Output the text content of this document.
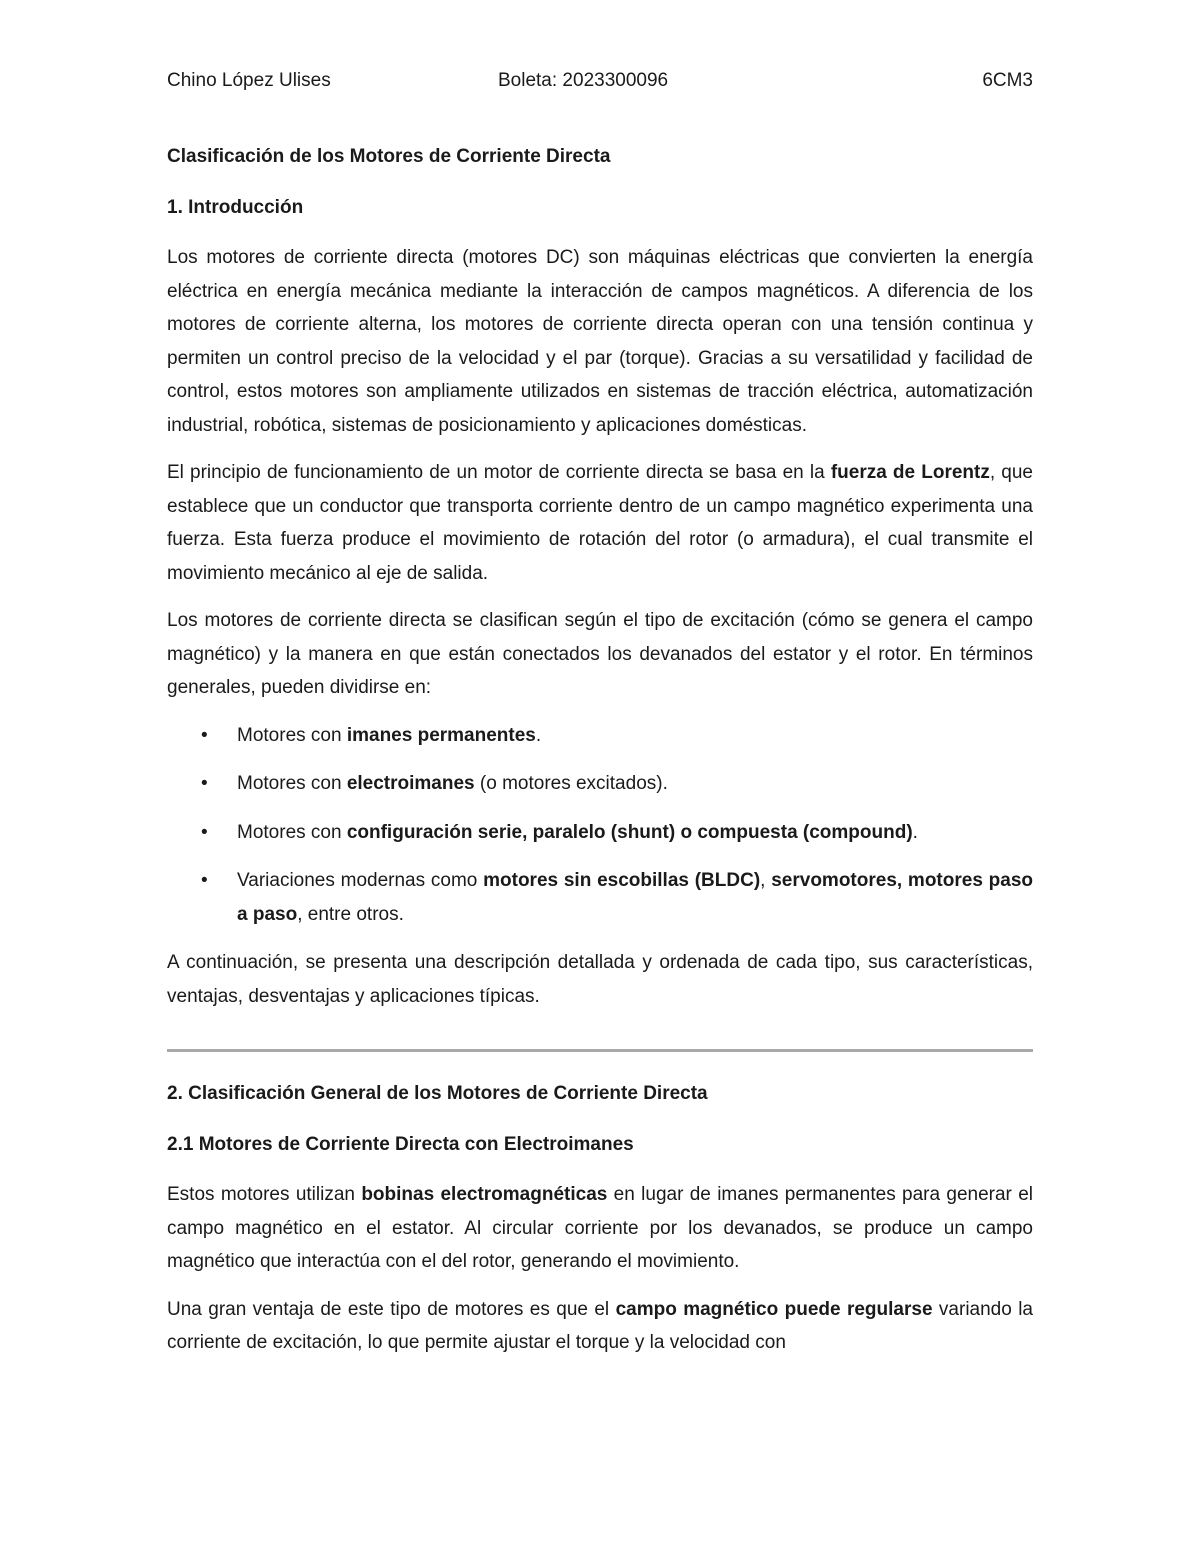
Chino López Ulises	Boleta: 2023300096	6CM3

Clasificación de los Motores de Corriente Directa

1. Introducción

Los motores de corriente directa (motores DC) son máquinas eléctricas que convierten la energía eléctrica en energía mecánica mediante la interacción de campos magnéticos. A diferencia de los motores de corriente alterna, los motores de corriente directa operan con una tensión continua y permiten un control preciso de la velocidad y el par (torque). Gracias a su versatilidad y facilidad de control, estos motores son ampliamente utilizados en sistemas de tracción eléctrica, automatización industrial, robótica, sistemas de posicionamiento y aplicaciones domésticas.

El principio de funcionamiento de un motor de corriente directa se basa en la fuerza de Lorentz, que establece que un conductor que transporta corriente dentro de un campo magnético experimenta una fuerza. Esta fuerza produce el movimiento de rotación del rotor (o armadura), el cual transmite el movimiento mecánico al eje de salida.

Los motores de corriente directa se clasifican según el tipo de excitación (cómo se genera el campo magnético) y la manera en que están conectados los devanados del estator y el rotor. En términos generales, pueden dividirse en:

• Motores con imanes permanentes.
• Motores con electroimanes (o motores excitados).
• Motores con configuración serie, paralelo (shunt) o compuesta (compound).
• Variaciones modernas como motores sin escobillas (BLDC), servomotores, motores paso a paso, entre otros.

A continuación, se presenta una descripción detallada y ordenada de cada tipo, sus características, ventajas, desventajas y aplicaciones típicas.

2. Clasificación General de los Motores de Corriente Directa

2.1 Motores de Corriente Directa con Electroimanes

Estos motores utilizan bobinas electromagnéticas en lugar de imanes permanentes para generar el campo magnético en el estator. Al circular corriente por los devanados, se produce un campo magnético que interactúa con el del rotor, generando el movimiento.

Una gran ventaja de este tipo de motores es que el campo magnético puede regularse variando la corriente de excitación, lo que permite ajustar el torque y la velocidad con
